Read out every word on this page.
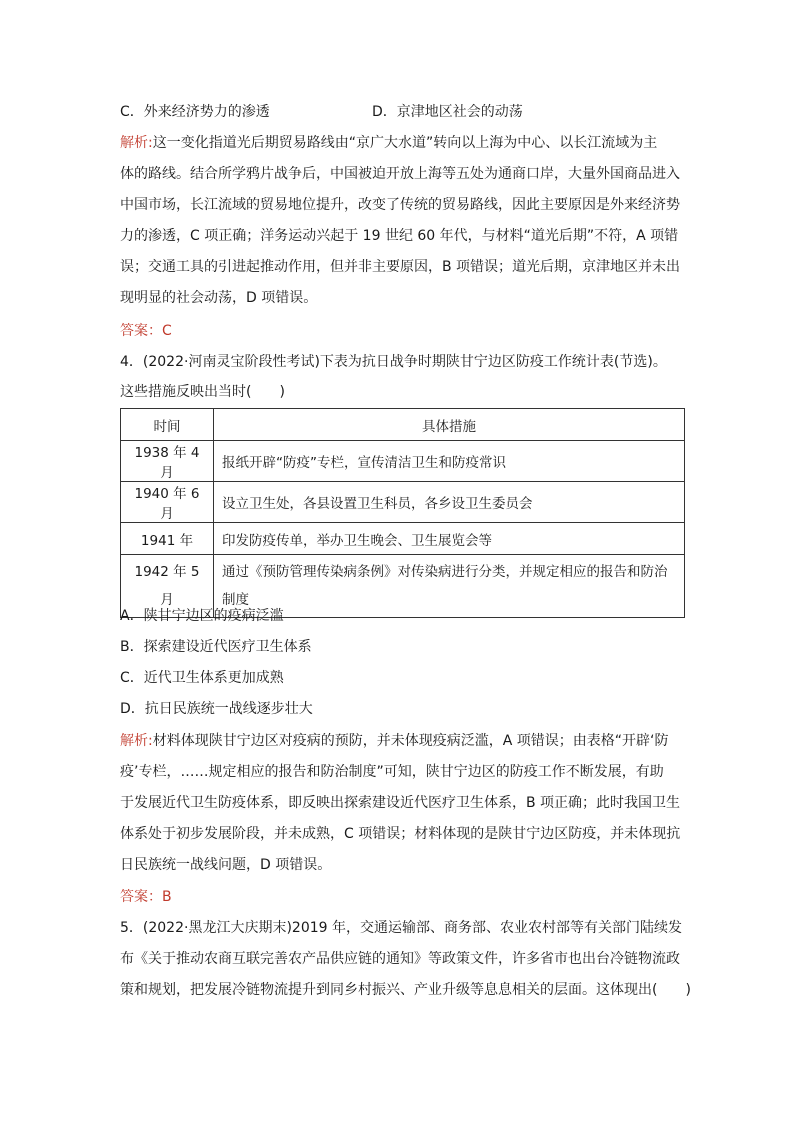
C．外来经济势力的渗透	D．京津地区社会的动荡
解析:这一变化指道光后期贸易路线由“京广大水道”转向以上海为中心、以长江流域为主
体的路线。结合所学鸦片战争后，中国被迫开放上海等五处为通商口岸，大量外国商品进入
中国市场，长江流域的贸易地位提升，改变了传统的贸易路线，因此主要原因是外来经济势
力的渗透，C 项正确；洋务运动兴起于 19 世纪 60 年代，与材料“道光后期”不符，A 项错
误；交通工具的引进起推动作用，但并非主要原因，B 项错误；道光后期，京津地区并未出
现明显的社会动荡，D 项错误。
答案：C
4．(2022·河南灵宝阶段性考试)下表为抗日战争时期陕甘宁边区防疫工作统计表(节选)。
这些措施反映出当时(　　)
时间	具体措施
1938 年 4 月	报纸开辟“防疫”专栏，宣传清洁卫生和防疫常识
1940 年 6 月	设立卫生处，各县设置卫生科员，各乡设卫生委员会
1941 年	印发防疫传单，举办卫生晚会、卫生展览会等
1942 年 5 月	通过《预防管理传染病条例》对传染病进行分类，并规定相应的报告和防治制度
A．陕甘宁边区的疫病泛滥
B．探索建设近代医疗卫生体系
C．近代卫生体系更加成熟
D．抗日民族统一战线逐步壮大
解析:材料体现陕甘宁边区对疫病的预防，并未体现疫病泛滥，A 项错误；由表格“开辟‘防
疫’专栏，……规定相应的报告和防治制度”可知，陕甘宁边区的防疫工作不断发展，有助
于发展近代卫生防疫体系，即反映出探索建设近代医疗卫生体系，B 项正确；此时我国卫生
体系处于初步发展阶段，并未成熟，C 项错误；材料体现的是陕甘宁边区防疫，并未体现抗
日民族统一战线问题，D 项错误。
答案：B
5．(2022·黑龙江大庆期末)2019 年，交通运输部、商务部、农业农村部等有关部门陆续发
布《关于推动农商互联完善农产品供应链的通知》等政策文件，许多省市也出台冷链物流政
策和规划，把发展冷链物流提升到同乡村振兴、产业升级等息息相关的层面。这体现出(　　)
